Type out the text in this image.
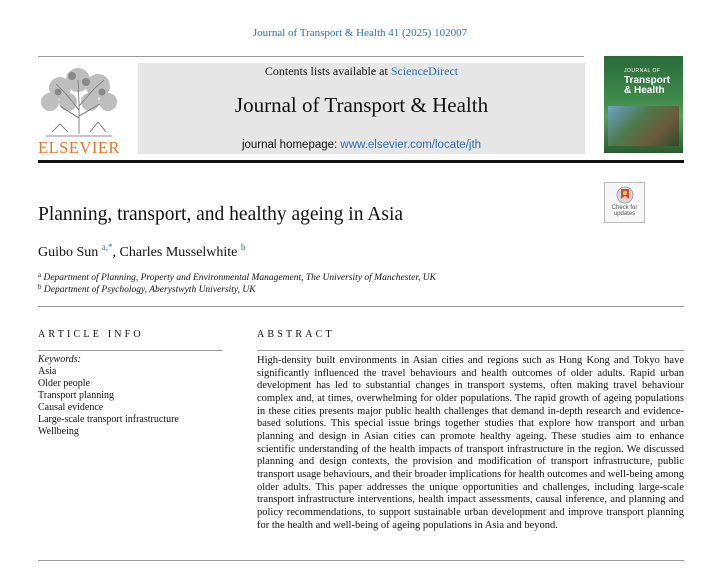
Journal of Transport & Health 41 (2025) 102007
ELSEVIER
Contents lists available at ScienceDirect
Journal of Transport & Health
journal homepage: www.elsevier.com/locate/jth
JOURNAL OF
Transport
& Health
Check for
updates
Planning, transport, and healthy ageing in Asia
Guibo Sun $^{a,*}$, Charles Musselwhite $^b$
$^a$ Department of Planning, Property and Environmental Management, The University of Manchester, UK
$^b$ Department of Psychology, Aberystwyth University, UK
ARTICLE INFO
Keywords:
Asia
Older people
Transport planning
Causal evidence
Large-scale transport infrastructure
Wellbeing
ABSTRACT

High-density built environments in Asian cities and regions such as Hong Kong and Tokyo have significantly influenced the travel behaviours and health outcomes of older adults. Rapid urban development has led to substantial changes in transport systems, often making travel behaviour complex and, at times, overwhelming for older populations. The rapid growth of ageing populations in these cities presents major public health challenges that demand in-depth research and evidence-based solutions. This special issue brings together studies that explore how transport and urban planning and design in Asian cities can promote healthy ageing. These studies aim to enhance scientific understanding of the health impacts of transport infrastructure in the region. We discussed planning and design contexts, the provision and modification of transport infrastructure, public transport usage behaviours, and their broader implications for health outcomes and well-being among older adults. This paper addresses the unique opportunities and challenges, including large-scale transport infrastructure interventions, health impact assessments, causal inference, and planning and policy recommendations, to support sustainable urban development and improve transport planning for the health and well-being of ageing populations in Asia and beyond.
